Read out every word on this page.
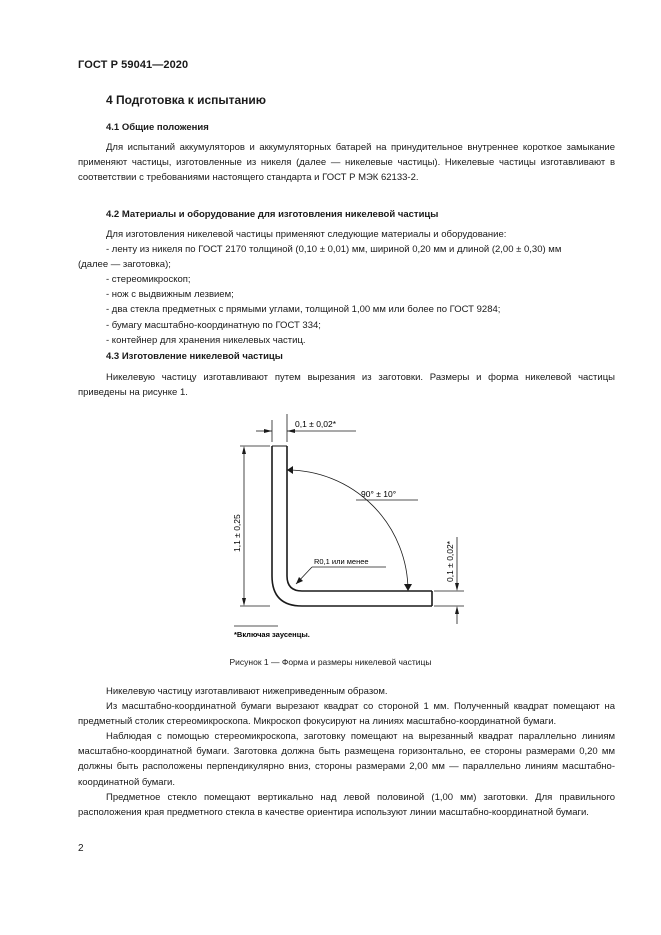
ГОСТ Р 59041—2020
4 Подготовка к испытанию
4.1 Общие положения

Для испытаний аккумуляторов и аккумуляторных батарей на принудительное внутреннее короткое замыкание применяют частицы, изготовленные из никеля (далее — никелевые частицы). Никелевые частицы изготавливают в соответствии с требованиями настоящего стандарта и ГОСТ Р МЭК 62133-2.

4.2 Материалы и оборудование для изготовления никелевой частицы
Для изготовления никелевой частицы применяют следующие материалы и оборудование:
- ленту из никеля по ГОСТ 2170 толщиной (0,10 ± 0,01) мм, шириной 0,20 мм и длиной (2,00 ± 0,30) мм
(далее — заготовка);
- стереомикроскоп;
- нож с выдвижным лезвием;
- два стекла предметных с прямыми углами, толщиной 1,00 мм или более по ГОСТ 9284;
- бумагу масштабно-координатную по ГОСТ 334;
- контейнер для хранения никелевых частиц.
4.3 Изготовление никелевой частицы

Никелевую частицу изготавливают путем вырезания из заготовки. Размеры и форма никелевой частицы приведены на рисунке 1.

0,1 ± 0,02*
90° ± 10°
1,1 ± 0,25
0,1 ± 0,02*
R0,1 или менее
*Включая заусенцы.
Рисунок 1 — Форма и размеры никелевой частицы

Никелевую частицу изготавливают нижеприведенным образом.

Из масштабно-координатной бумаги вырезают квадрат со стороной 1 мм. Полученный квадрат помещают на предметный столик стереомикроскопа. Микроскоп фокусируют на линиях масштабно-координатной бумаги.

Наблюдая с помощью стереомикроскопа, заготовку помещают на вырезанный квадрат параллельно линиям масштабно-координатной бумаги. Заготовка должна быть размещена горизонтально, ее стороны размерами 0,20 мм должны быть расположены перпендикулярно вниз, стороны размерами 2,00 мм — параллельно линиям масштабно-координатной бумаги.

Предметное стекло помещают вертикально над левой половиной (1,00 мм) заготовки. Для правильного расположения края предметного стекла в качестве ориентира используют линии масштабно-координатной бумаги.

2
